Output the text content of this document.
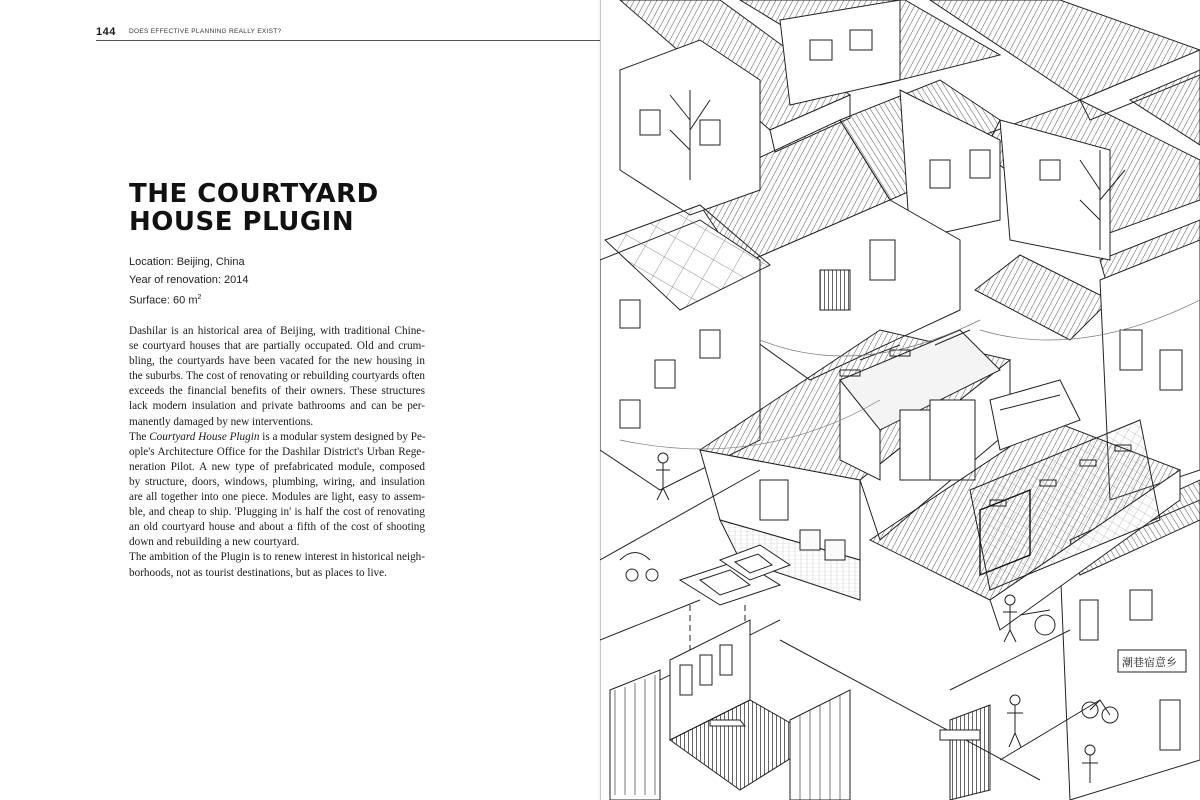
144 DOES EFFECTIVE PLANNING REALLY EXIST?
THE COURTYARD
HOUSE PLUGIN
Location: Beijing, China
Year of renovation: 2014
Surface: 60 $m^2$
Dashilar is an historical area of Beijing, with traditional Chine-
se courtyard houses that are partially occupated. Old and crum-
bling, the courtyards have been vacated for the new housing in
the suburbs. The cost of renovating or rebuilding courtyards often
exceeds the financial benefits of their owners. These structures
lack modern insulation and private bathrooms and can be per-
manently damaged by new interventions.
The Courtyard House Plugin is a modular system designed by Pe-
ople's Architecture Office for the Dashilar District's Urban Rege-
neration Pilot. A new type of prefabricated module, composed
by structure, doors, windows, plumbing, wiring, and insulation
are all together into one piece. Modules are light, easy to assem-
ble, and cheap to ship. 'Plugging in' is half the cost of renovating
an old courtyard house and about a fifth of the cost of shooting
down and rebuilding a new courtyard.
The ambition of the Plugin is to renew interest in historical neigh-
borhoods, not as tourist destinations, but as places to live.
潮巷宿意乡
